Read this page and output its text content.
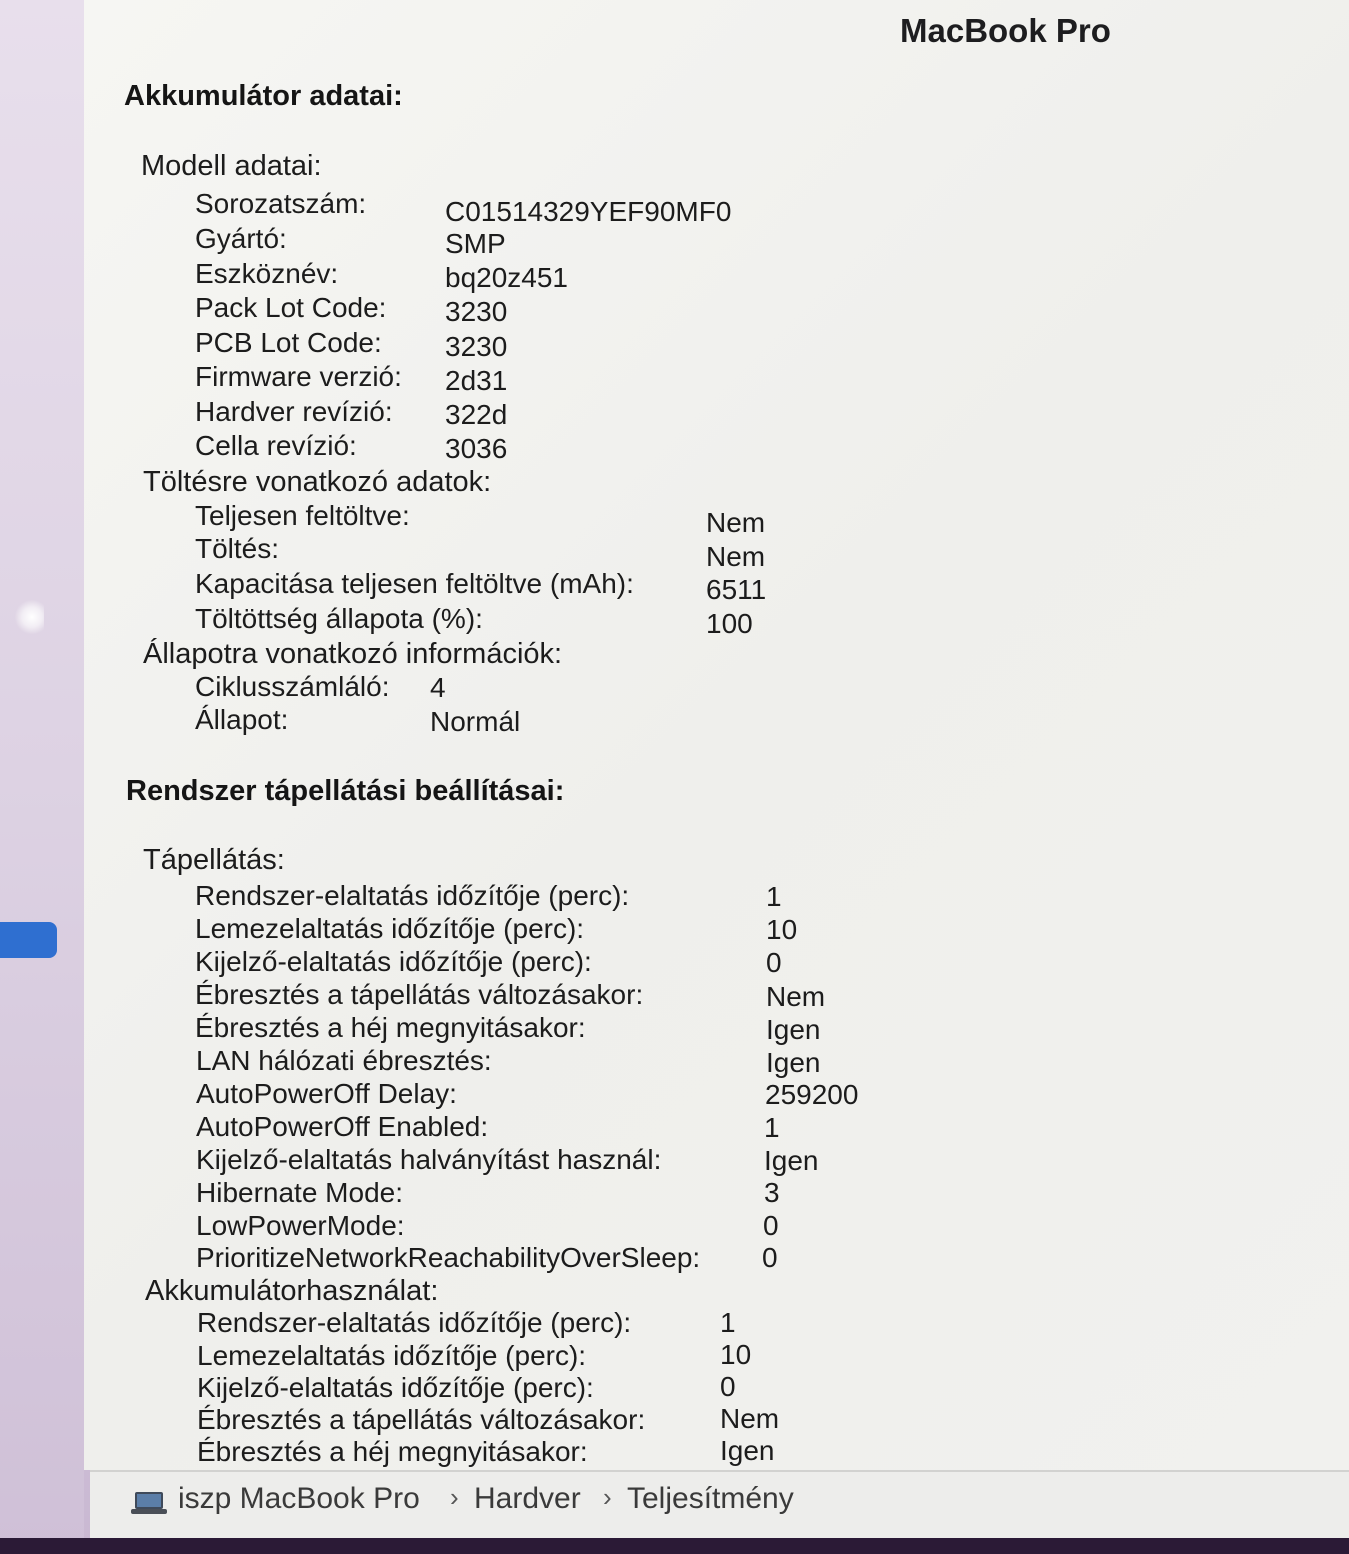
MacBook Pro
Akkumulátor adatai:
Modell adatai:
Sorozatszám:	C01514329YEF90MF0
Gyártó:	SMP
Eszköznév:	bq20z451
Pack Lot Code: 3230
PCB Lot Code: 3230
Firmware verzió: 2d31
Hardver revízió: 322d
Cella revízió:	3036
Töltésre vonatkozó adatok:
Teljesen feltöltve:	Nem
Töltés:	Nem
Kapacitása teljesen feltöltve (mAh):	6511
Töltöttség állapota (%):	100
Állapotra vonatkozó információk:
Ciklusszámláló: 4
Állapot:	Normál
Rendszer tápellátási beállításai:
Tápellátás:
Rendszer-elaltatás időzítője (perc):	1
Lemezelaltatás időzítője (perc):	10
Kijelző-elaltatás időzítője (perc):	0
Ébresztés a tápellátás változásakor:	Nem
Ébresztés a héj megnyitásakor:	Igen
LAN hálózati ébresztés:	Igen
AutoPowerOff Delay:	259200
AutoPowerOff Enabled:	1
Kijelző-elaltatás halványítást használ:	Igen
Hibernate Mode:	3
LowPowerMode:	0
PrioritizeNetworkReachabilityOverSleep: 0
Akkumulátorhasználat:
Rendszer-elaltatás időzítője (perc):	1
Lemezelaltatás időzítője (perc):	10
Kijelző-elaltatás időzítője (perc):	0
Ébresztés a tápellátás változásakor:	Nem
Ébresztés a héj megnyitásakor:	Igen
iszp MacBook Pro › Hardver › Teljesítmény
